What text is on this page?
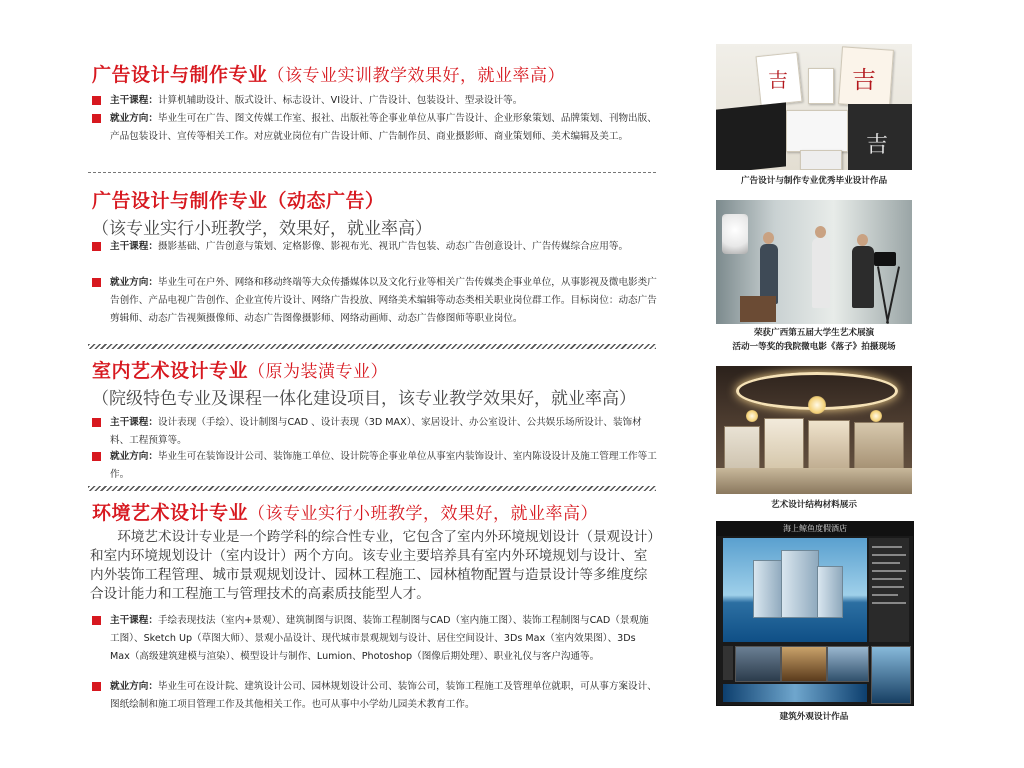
广告设计与制作专业（该专业实训教学效果好，就业率高）
主干课程：计算机辅助设计、版式设计、标志设计、VI设计、广告设计、包装设计、型录设计等。
就业方向：毕业生可在广告、图文传媒工作室、报社、出版社等企事业单位从事广告设计、企业形象策划、品牌策划、刊物出版、产品包装设计、宣传等相关工作。对应就业岗位有广告设计师、广告制作员、商业摄影师、商业策划师、美术编辑及美工。
广告设计与制作专业（动态广告）
（该专业实行小班教学，效果好，就业率高）
主干课程：摄影基础、广告创意与策划、定格影像、影视布光、视讯广告包装、动态广告创意设计、广告传媒综合应用等。
就业方向：毕业生可在户外、网络和移动终端等大众传播媒体以及文化行业等相关广告传媒类企事业单位，从事影视及微电影类广告创作、产品电视广告创作、企业宣传片设计、网络广告投放、网络美术编辑等动态类相关职业岗位群工作。目标岗位：动态广告剪辑师、动态广告视频摄像师、动态广告图像摄影师、网络动画师、动态广告修图师等职业岗位。
室内艺术设计专业（原为装潢专业）
（院级特色专业及课程一体化建设项目，该专业教学效果好，就业率高）
主干课程：设计表现（手绘）、设计制图与CAD 、设计表现（3D MAX）、家居设计、办公室设计、公共娱乐场所设计、装饰材料、工程预算等。
就业方向：毕业生可在装饰设计公司、装饰施工单位、设计院等企事业单位从事室内装饰设计、室内陈设设计及施工管理工作等工作。
环境艺术设计专业（该专业实行小班教学，效果好，就业率高）
环境艺术设计专业是一个跨学科的综合性专业，它包含了室内外环境规划设计（景观设计）和室内环境规划设计（室内设计）两个方向。该专业主要培养具有室内外环境规划与设计、室内外装饰工程管理、城市景观规划设计、园林工程施工、园林植物配置与造景设计等多维度综合设计能力和工程施工与管理技术的高素质技能型人才。
主干课程：手绘表现技法（室内+景观）、建筑制图与识图、装饰工程制图与CAD（室内施工图）、装饰工程制图与CAD（景观施工图）、Sketch Up（草图大师）、景观小品设计、现代城市景观规划与设计、居住空间设计、3Ds Max（室内效果图）、3Ds Max（高级建筑建模与渲染）、模型设计与制作、Lumion、Photoshop（图像后期处理）、职业礼仪与客户沟通等。
就业方向：毕业生可在设计院、建筑设计公司、园林规划设计公司、装饰公司，装饰工程施工及管理单位就职，可从事方案设计、图纸绘制和施工项目管理工作及其他相关工作。也可从事中小学幼儿园美术教育工作。
吉	吉
吉
广告设计与制作专业优秀毕业设计作品
荣获广西第五届大学生艺术展演
活动一等奖的我院微电影《落子》拍摄现场
艺术设计结构材料展示
海上鲸鱼度假酒店
建筑外观设计作品
